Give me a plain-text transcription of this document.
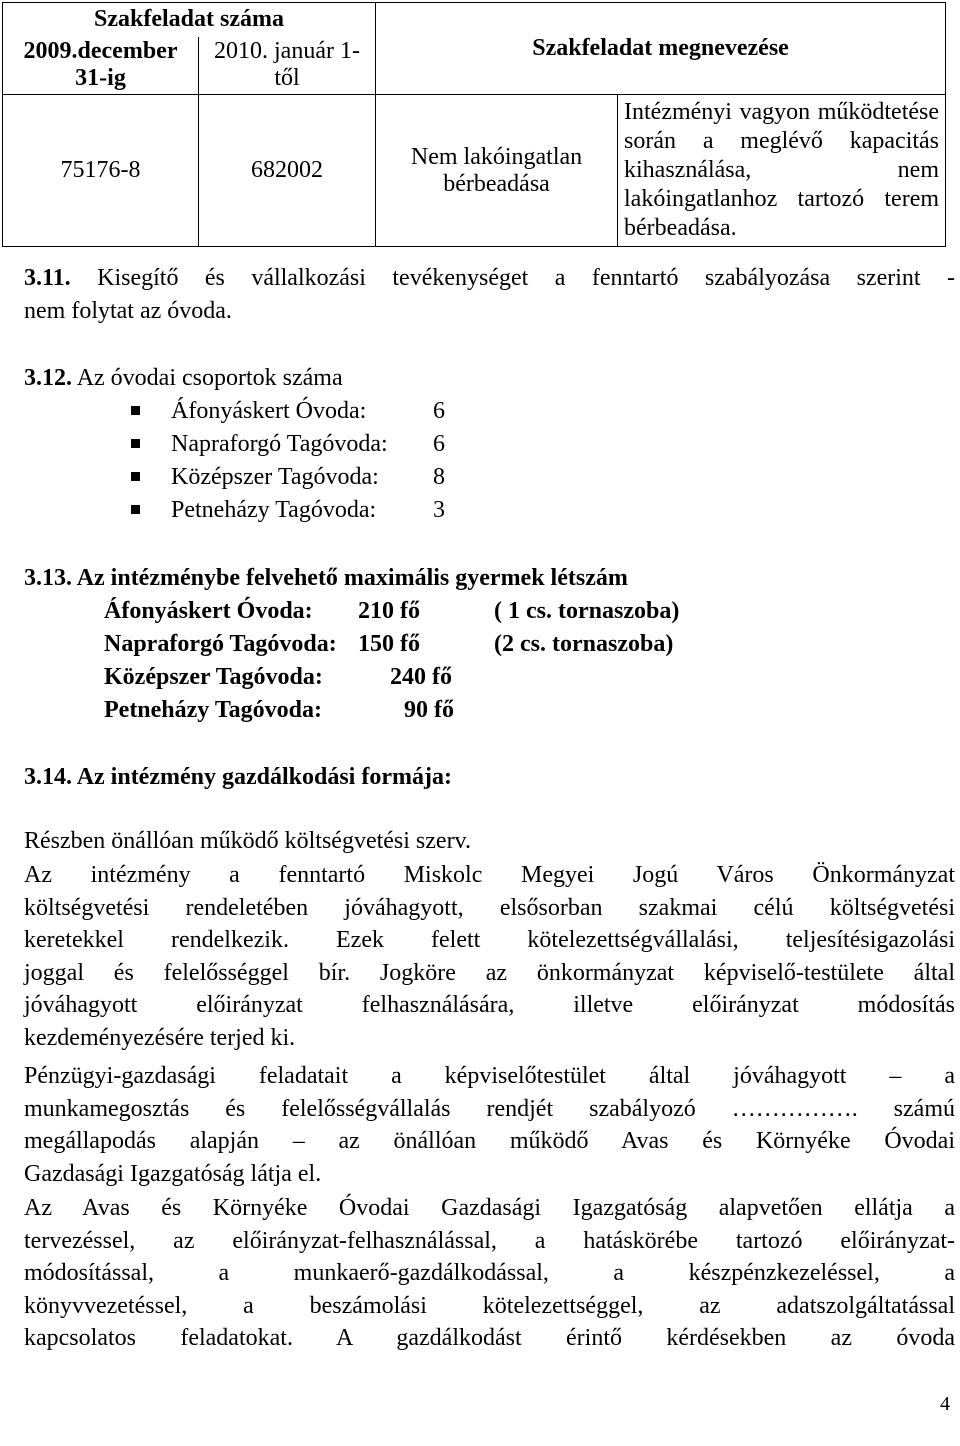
Szakfeladat száma		Szakfeladat megnevezése	
2009.december 31-ig	2010. január 1-től		
75176-8	682002	Nem lakóingatlan bérbeadása	Intézményi vagyon működtetése során a meglévő kapacitás kihasználása, nem lakóingatlanhoz tartozó terem bérbeadása.
3.11. Kisegítő és vállalkozási tevékenységet a fenntartó szabályozása szerint -
nem folytat az óvoda.
3.12. Az óvodai csoportok száma
Áfonyáskert Óvoda:	6
Napraforgó Tagóvoda: 6
Középszer Tagóvoda: 8
Petneházy Tagóvoda: 3
3.13. Az intézménybe felvehető maximális gyermek létszám
Áfonyáskert Óvoda: 210 fő	( 1 cs. tornaszoba)
Napraforgó Tagóvoda: 150 fő	(2 cs. tornaszoba)
Középszer Tagóvoda:	240 fő
Petneházy Tagóvoda:	90 fő
3.14. Az intézmény gazdálkodási formája:
Részben önállóan működő költségvetési szerv.
Az intézmény a fenntartó Miskolc Megyei Jogú Város Önkormányzat
költségvetési rendeletében jóváhagyott, elsősorban szakmai célú költségvetési
keretekkel rendelkezik. Ezek felett kötelezettségvállalási, teljesítésigazolási
joggal és felelősséggel bír. Jogköre az önkormányzat képviselő-testülete által
jóváhagyott előirányzat felhasználására, illetve előirányzat módosítás
kezdeményezésére terjed ki.
Pénzügyi-gazdasági feladatait a képviselőtestület által jóváhagyott – a
munkamegosztás és felelősségvállalás rendjét szabályozó ……………. számú
megállapodás alapján – az önállóan működő Avas és Környéke Óvodai
Gazdasági Igazgatóság látja el.
Az Avas és Környéke Óvodai Gazdasági Igazgatóság alapvetően ellátja a
tervezéssel, az előirányzat-felhasználással, a hatáskörébe tartozó előirányzat-
módosítással, a munkaerő-gazdálkodással, a készpénzkezeléssel, a
könyvvezetéssel, a beszámolási kötelezettséggel, az adatszolgáltatással
kapcsolatos feladatokat. A gazdálkodást érintő kérdésekben az óvoda
4
